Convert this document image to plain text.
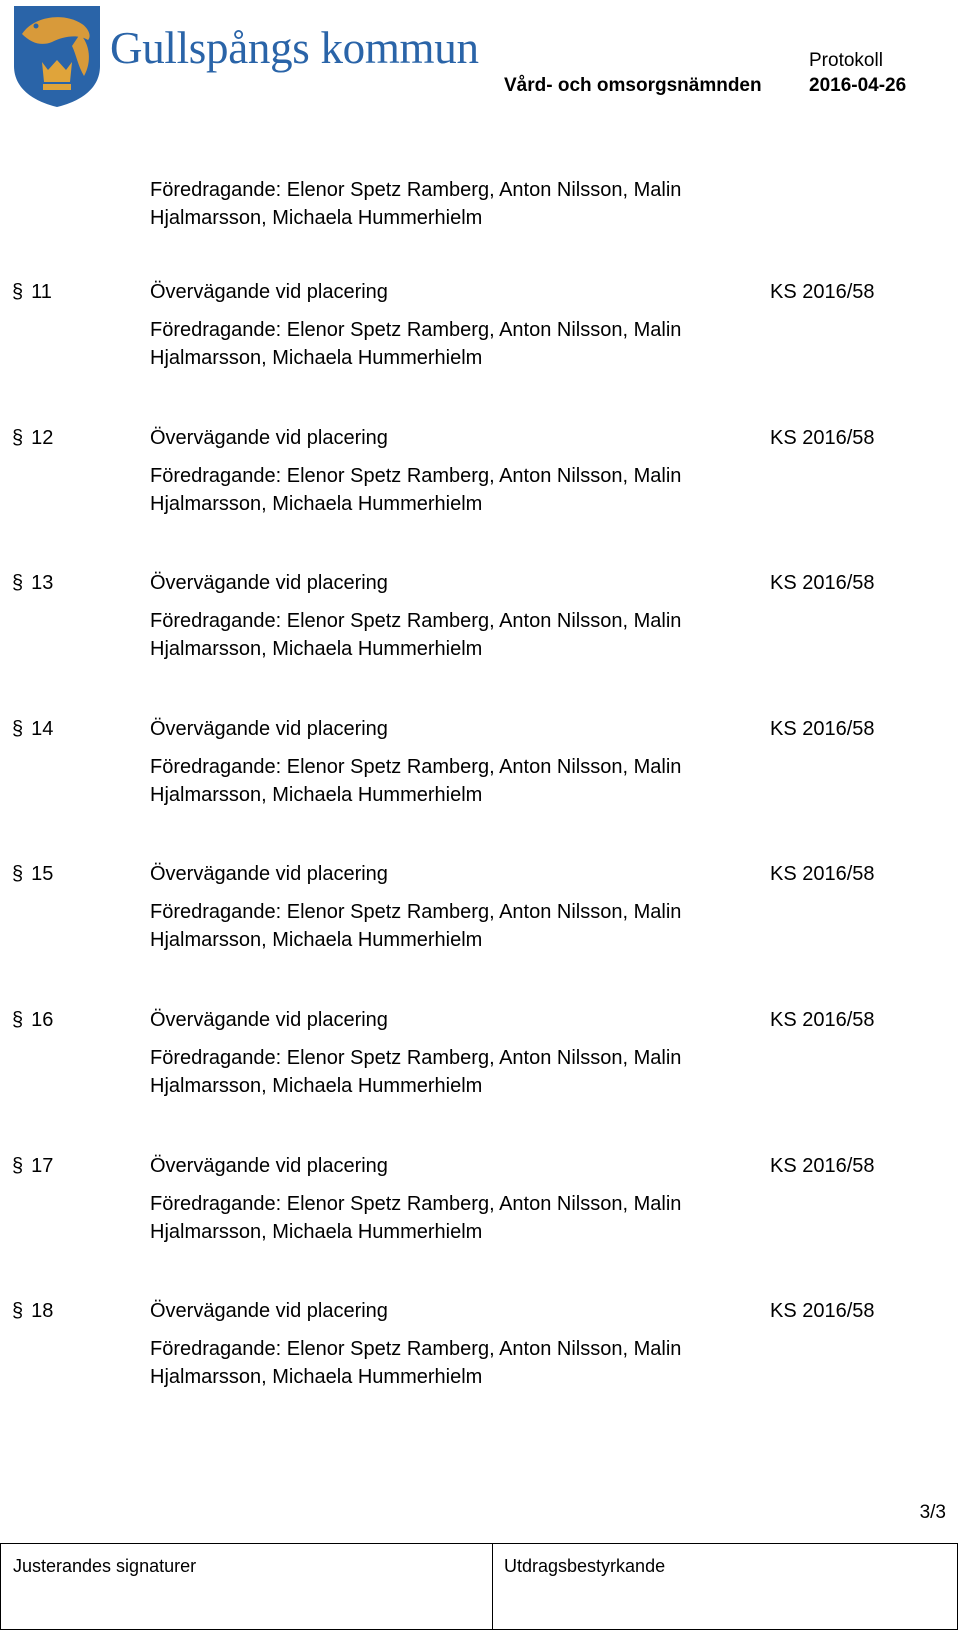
Gullspångs kommun	Protokoll
Vård- och omsorgsnämnden 2016-04-26
Föredragande: Elenor Spetz Ramberg, Anton Nilsson, Malin
Hjalmarsson, Michaela Hummerhielm
§ 11	Övervägande vid placering	KS 2016/58
Föredragande: Elenor Spetz Ramberg, Anton Nilsson, Malin
Hjalmarsson, Michaela Hummerhielm
§ 12	Övervägande vid placering	KS 2016/58
Föredragande: Elenor Spetz Ramberg, Anton Nilsson, Malin
Hjalmarsson, Michaela Hummerhielm
§ 13	Övervägande vid placering	KS 2016/58
Föredragande: Elenor Spetz Ramberg, Anton Nilsson, Malin
Hjalmarsson, Michaela Hummerhielm
§ 14	Övervägande vid placering	KS 2016/58
Föredragande: Elenor Spetz Ramberg, Anton Nilsson, Malin
Hjalmarsson, Michaela Hummerhielm
§ 15	Övervägande vid placering	KS 2016/58
Föredragande: Elenor Spetz Ramberg, Anton Nilsson, Malin
Hjalmarsson, Michaela Hummerhielm
§ 16	Övervägande vid placering	KS 2016/58
Föredragande: Elenor Spetz Ramberg, Anton Nilsson, Malin
Hjalmarsson, Michaela Hummerhielm
§ 17	Övervägande vid placering	KS 2016/58
Föredragande: Elenor Spetz Ramberg, Anton Nilsson, Malin
Hjalmarsson, Michaela Hummerhielm
§ 18	Övervägande vid placering	KS 2016/58
Föredragande: Elenor Spetz Ramberg, Anton Nilsson, Malin
Hjalmarsson, Michaela Hummerhielm
3/3
Justerandes signaturer	Utdragsbestyrkande
